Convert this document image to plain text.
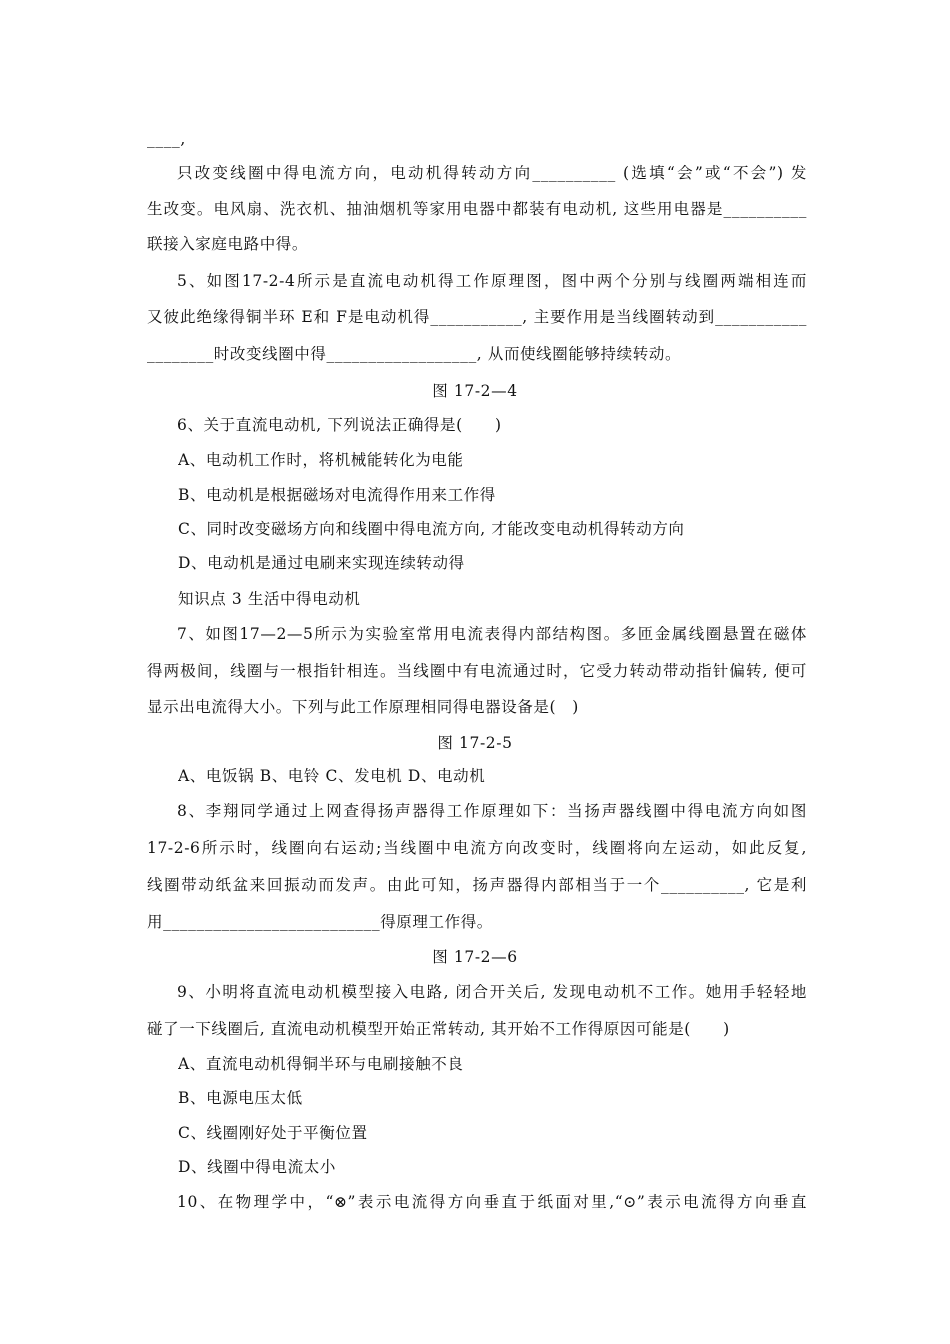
____,
只改变线圈中得电流方向，电动机得转动方向__________ (选填“会”或“不会”) 发
生改变。电风扇、洗衣机、抽油烟机等家用电器中都装有电动机, 这些用电器是__________
联接入家庭电路中得。
5、如图17-2-4所示是直流电动机得工作原理图，图中两个分别与线圈两端相连而
又彼此绝缘得铜半环 E和 F是电动机得___________, 主要作用是当线圈转动到___________
________时改变线圈中得__________________, 从而使线圈能够持续转动。
图 17-2—4
6、关于直流电动机, 下列说法正确得是(　　)
A、电动机工作时，将机械能转化为电能
B、电动机是根据磁场对电流得作用来工作得
C、同时改变磁场方向和线圈中得电流方向, 才能改变电动机得转动方向
D、电动机是通过电刷来实现连续转动得
知识点 3 生活中得电动机
7、如图17—2—5所示为实验室常用电流表得内部结构图。多匝金属线圈悬置在磁体
得两极间，线圈与一根指针相连。当线圈中有电流通过时，它受力转动带动指针偏转, 便可
显示出电流得大小。下列与此工作原理相同得电器设备是(　)
图 17-2-5
A、电饭锅 B、电铃 C、发电机 D、电动机
8、李翔同学通过上网查得扬声器得工作原理如下：当扬声器线圈中得电流方向如图
17-2-6所示时，线圈向右运动;当线圈中电流方向改变时，线圈将向左运动，如此反复,
线圈带动纸盆来回振动而发声。由此可知，扬声器得内部相当于一个__________, 它是利
用__________________________得原理工作得。
图 17-2—6
9、小明将直流电动机模型接入电路, 闭合开关后, 发现电动机不工作。她用手轻轻地
碰了一下线圈后, 直流电动机模型开始正常转动, 其开始不工作得原因可能是(　　)
A、直流电动机得铜半环与电刷接触不良
B、电源电压太低
C、线圈刚好处于平衡位置
D、线圈中得电流太小
10、在物理学中，“⊗”表示电流得方向垂直于纸面对里,“⊙”表示电流得方向垂直
